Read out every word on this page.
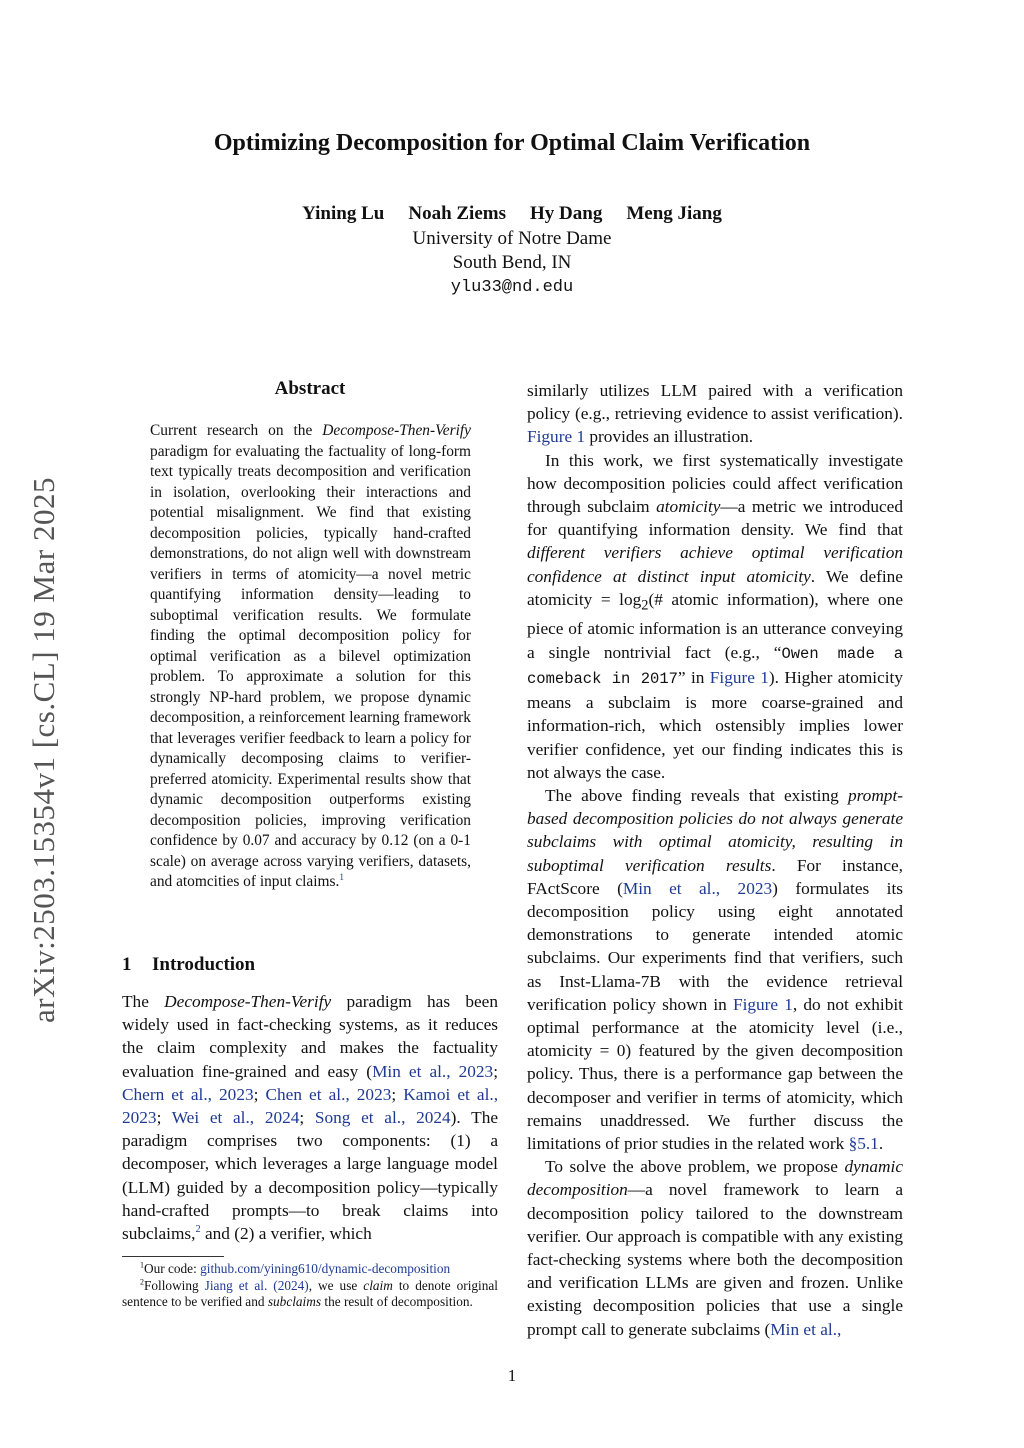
arXiv:2503.15354v1 [cs.CL] 19 Mar 2025
Optimizing Decomposition for Optimal Claim Verification
Yining Lu Noah Ziems Hy Dang Meng Jiang
University of Notre Dame
South Bend, IN
ylu33@nd.edu
Abstract

Current research on the Decompose-Then-Verify paradigm for evaluating the factuality of long-form text typically treats decomposition and verification in isolation, overlooking their interactions and potential misalignment. We find that existing decomposition policies, typically hand-crafted demonstrations, do not align well with downstream verifiers in terms of atomicity—a novel metric quantifying information density—leading to suboptimal verification results. We formulate finding the optimal decomposition policy for optimal verification as a bilevel optimization problem. To approximate a solution for this strongly NP-hard problem, we propose dynamic decomposition, a reinforcement learning framework that leverages verifier feedback to learn a policy for dynamically decomposing claims to verifier-preferred atomicity. Experimental results show that dynamic decomposition outperforms existing decomposition policies, improving verification confidence by 0.07 and accuracy by 0.12 (on a 0-1 scale) on average across varying verifiers, datasets, and atomcities of input claims.$^1$

1 Introduction

The Decompose-Then-Verify paradigm has been widely used in fact-checking systems, as it reduces the claim complexity and makes the factuality evaluation fine-grained and easy (Min et al., 2023; Chern et al., 2023; Chen et al., 2023; Kamoi et al., 2023; Wei et al., 2024; Song et al., 2024). The paradigm comprises two components: (1) a decomposer, which leverages a large language model (LLM) guided by a decomposition policy—typically hand-crafted prompts—to break claims into subclaims,$^2$ and (2) a verifier, which

$^1$Our code: github.com/yining610/dynamic-decomposition

$^2$Following Jiang et al. (2024), we use claim to denote original sentence to be verified and subclaims the result of decomposition.

similarly utilizes LLM paired with a verification policy (e.g., retrieving evidence to assist verification). Figure 1 provides an illustration.

In this work, we first systematically investigate how decomposition policies could affect verification through subclaim atomicity—a metric we introduced for quantifying information density. We find that different verifiers achieve optimal verification confidence at distinct input atomicity. We define atomicity = $\log_2(\#$ atomic information), where one piece of atomic information is an utterance conveying a single nontrivial fact (e.g., “Owen made a comeback in 2017” in Figure 1). Higher atomicity means a subclaim is more coarse-grained and information-rich, which ostensibly implies lower verifier confidence, yet our finding indicates this is not always the case.

The above finding reveals that existing prompt-based decomposition policies do not always generate subclaims with optimal atomicity, resulting in suboptimal verification results. For instance, FActScore (Min et al., 2023) formulates its decomposition policy using eight annotated demonstrations to generate intended atomic subclaims. Our experiments find that verifiers, such as Inst-Llama-7B with the evidence retrieval verification policy shown in Figure 1, do not exhibit optimal performance at the atomicity level (i.e., atomicity = 0) featured by the given decomposition policy. Thus, there is a performance gap between the decomposer and verifier in terms of atomicity, which remains unaddressed. We further discuss the limitations of prior studies in the related work §5.1.

To solve the above problem, we propose dynamic decomposition—a novel framework to learn a decomposition policy tailored to the downstream verifier. Our approach is compatible with any existing fact-checking systems where both the decomposition and verification LLMs are given and frozen. Unlike existing decomposition policies that use a single prompt call to generate subclaims (Min et al.,

1
